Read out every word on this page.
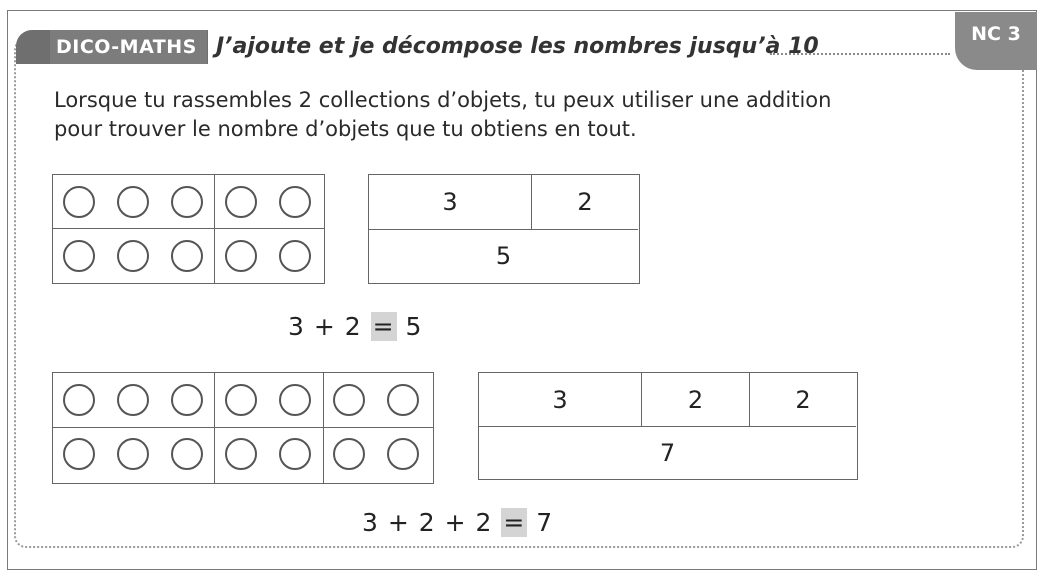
DICO-MATHS J’ajoute et je décompose les nombres jusqu’à 10	NC 3

Lorsque tu rassembles 2 collections d’objets, tu peux utiliser une addition

pour trouver le nombre d’objets que tu obtiens en tout.

3	2
5
3 + 2 = 5
3	2	2
7
3 + 2 + 2 = 7
